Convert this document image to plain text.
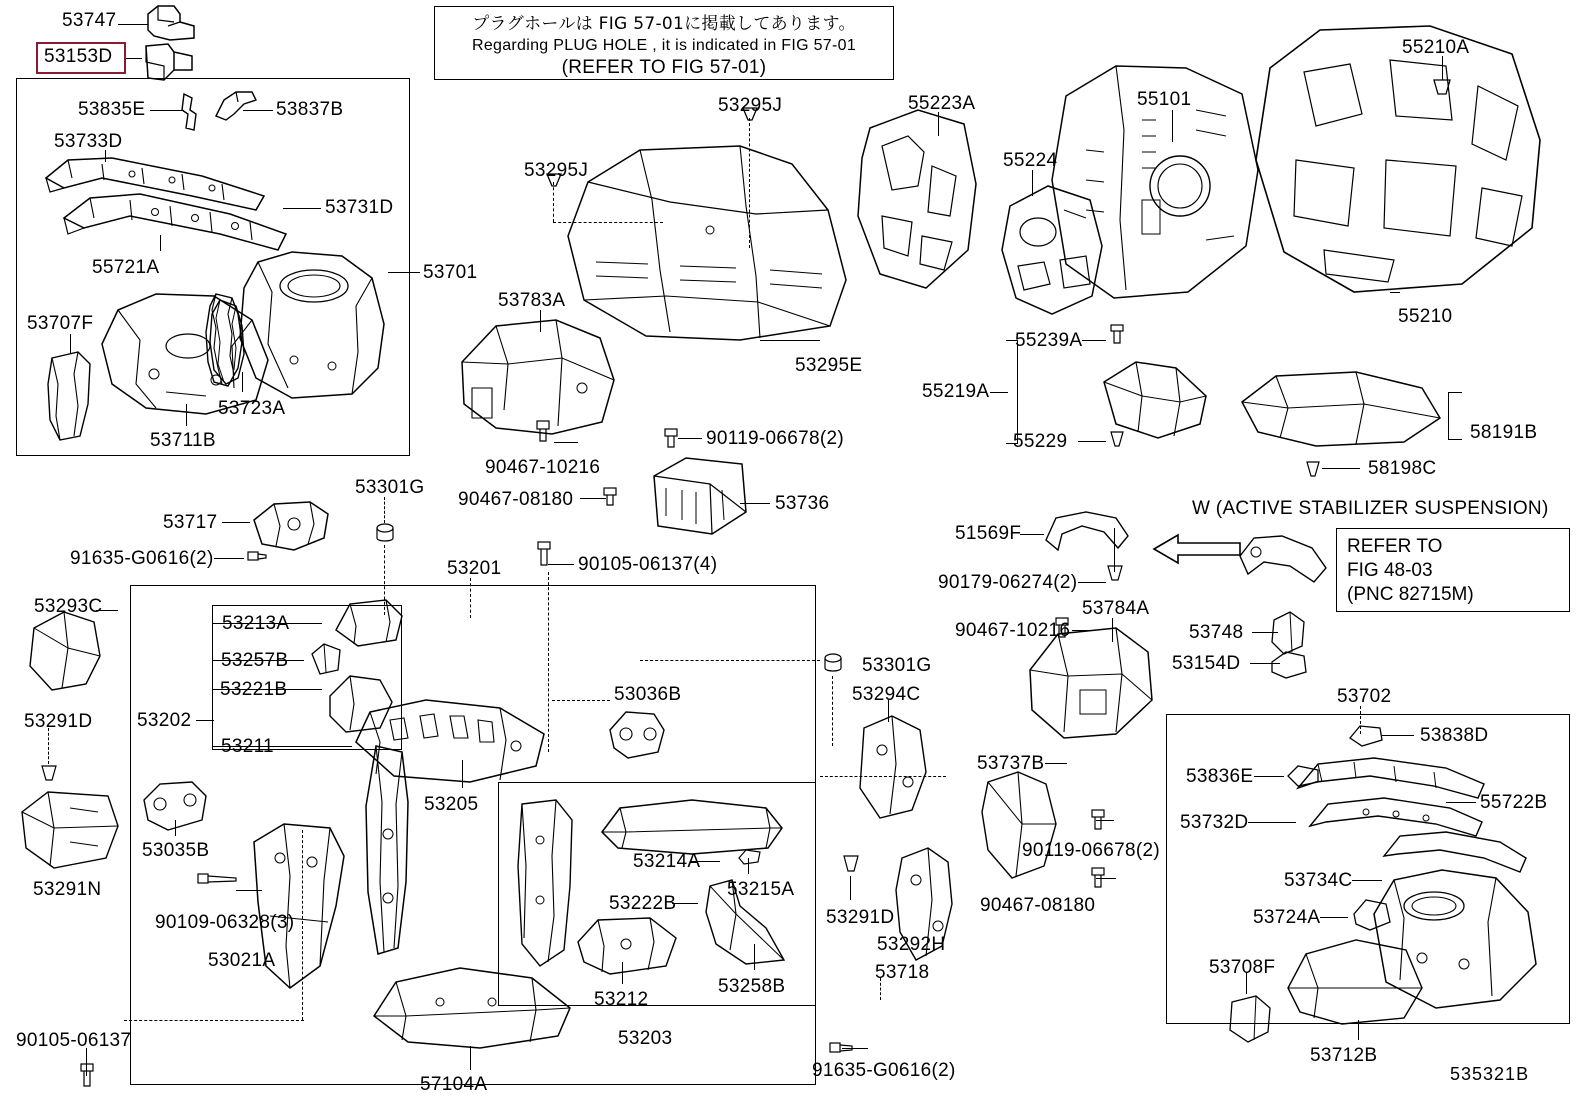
プラグホールは FIG 57-01に掲載してあります。
Regarding PLUG HOLE , it is indicated in FIG 57-01
(REFER TO FIG 57-01)
W (ACTIVE STABILIZER SUSPENSION)
REFER TO
FIG 48-03
(PNC 82715M)
53747
53153D
53835E	53837B
53733D
53731D
55721A	53701
53707F
53723A
53711B
53295J
53295J
53295E
53783A
90467-10216
90119-06678(2)
90467-08180	53736
55223A	55101
55224
55210A
55210
55239A
55219A
55229	58191B
58198C
53717
91635-G0616(2)
53301G
53201	90105-06137(4)
53293C
53291D
53291N
53213A
53257B
53221B
53202
53211
53205
53035B
90109-06328(3)
53021A
90105-06137
57104A
53214A
53222B
53215A
53258B
53212
53203
53036B
53301G
53294C
53291D
53292H
53718
91635-G0616(2)
51569F
90179-06274(2)
90467-10216
53784A
53737B
90119-06678(2)
90467-08180
53748
53154D
53702
53838D
53836E
53732D
55722B
53734C
53724A
53708F
53712B
535321B
